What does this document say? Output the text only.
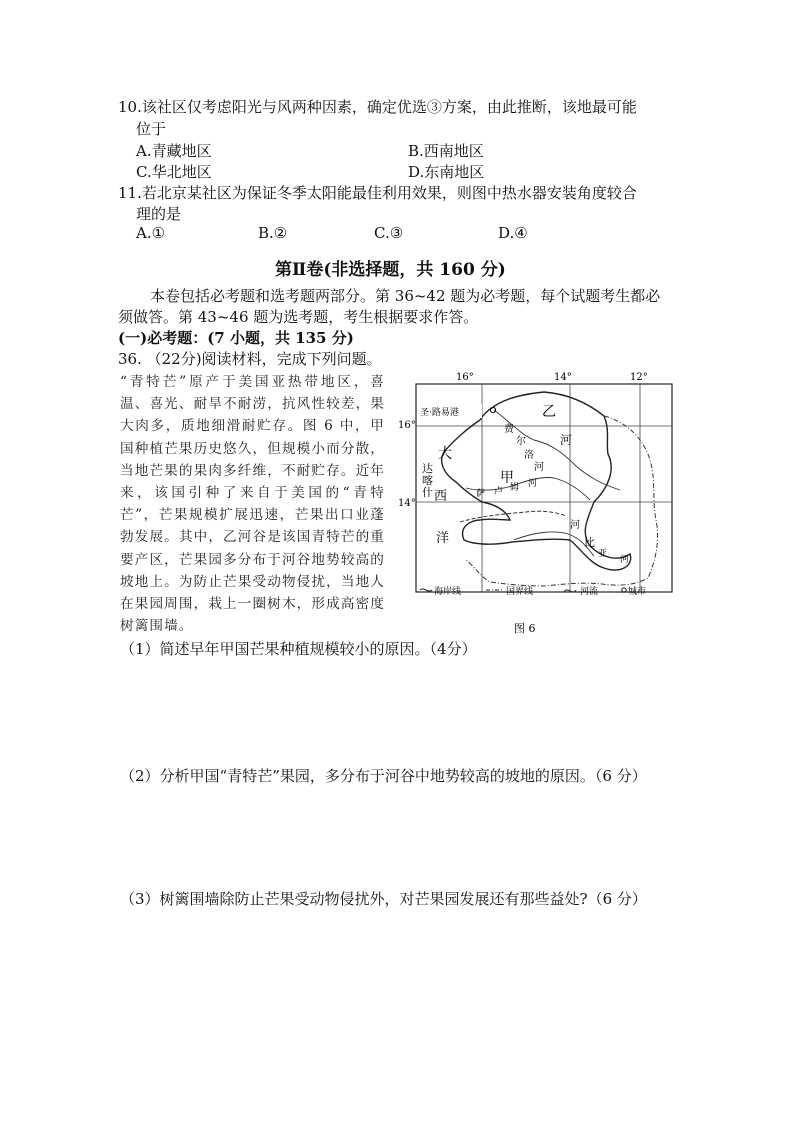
10.该社区仅考虑阳光与风两种因素，确定优选③方案，由此推断，该地最可能
位于
A.青藏地区	B.西南地区
C.华北地区	D.东南地区
11.若北京某社区为保证冬季太阳能最佳利用效果，则图中热水器安装角度较合
理的是
A.①	B.②	C.③	D.④
第Ⅱ卷(非选择题，共 160 分)
本卷包括必考题和选考题两部分。第 36~42 题为必考题，每个试题考生都必
须做答。第 43~46 题为选考题，考生根据要求作答。
(一)必考题：(7 小题，共 135 分)
36. （22分)阅读材料，完成下列问题。
“青特芒”原产于美国亚热带地区，喜温、喜光、耐旱不耐涝，抗风性较差，果大肉多，质地细滑耐贮存。图 6 中，甲国种植芒果历史悠久，但规模小而分散，当地芒果的果肉多纤维，不耐贮存。近年来，该国引种了来自于美国的“青特芒”，芒果规模扩展迅速，芒果出口业蓬勃发展。其中，乙河谷是该国青特芒的重要产区，芒果园多分布于河谷地势较高的坡地上。为防止芒果受动物侵扰，当地人在果园周围，栽上一圈树木，形成高密度树篱围墙。
16°	14°	12°
16°
14°
圣·路易港	乙
甲
大
西
洋
达
喀
什
费
尔
洛
河
河
萨 卢 姆 河
河
比
亚
河
海岸线	国界线	河流	城市
图 6
（1）简述早年甲国芒果种植规模较小的原因。（4分）
（2）分析甲国“青特芒”果园，多分布于河谷中地势较高的坡地的原因。（6 分）
（3）树篱围墙除防止芒果受动物侵扰外，对芒果园发展还有那些益处?（6 分）
